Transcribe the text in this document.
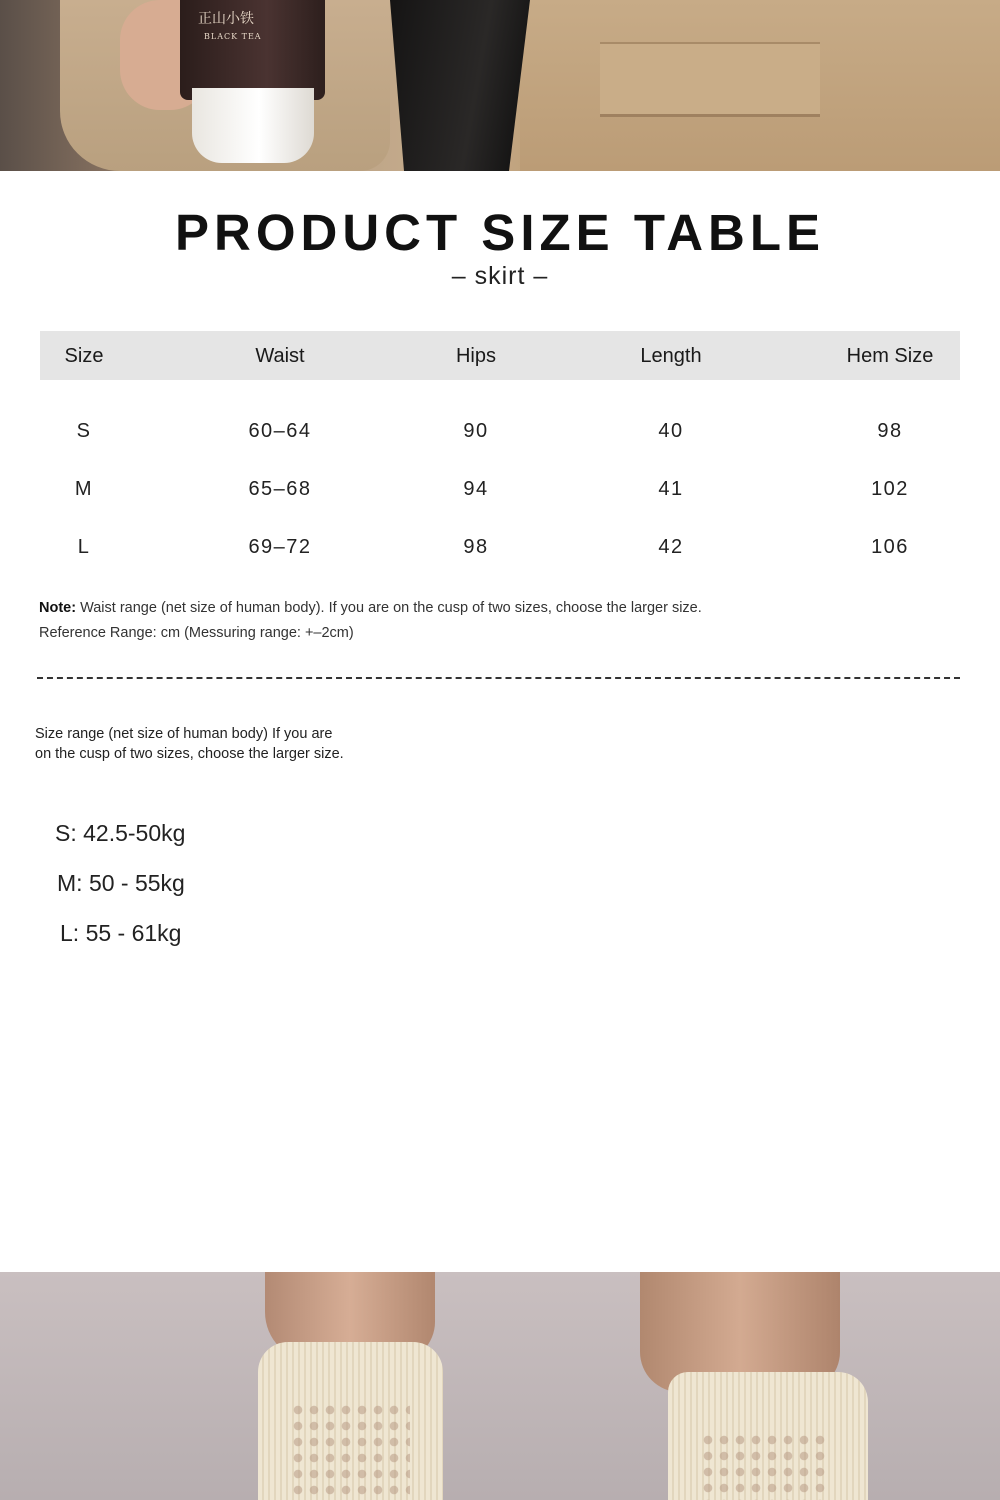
正山小铁
BLACK TEA
PRODUCT SIZE TABLE
– skirt –
Size	Waist	Hips	Length	Hem Size
S	60–64	90	40	98
M	65–68	94	41	102
L	69–72	98	42	106
Note: Waist range (net size of human body). If you are on the cusp of two sizes, choose the larger size.
Reference Range: cm (Messuring range: +–2cm)
Size range (net size of human body) If you are
on the cusp of two sizes, choose the larger size.
S: 42.5-50kg
M: 50 - 55kg
L: 55 - 61kg
